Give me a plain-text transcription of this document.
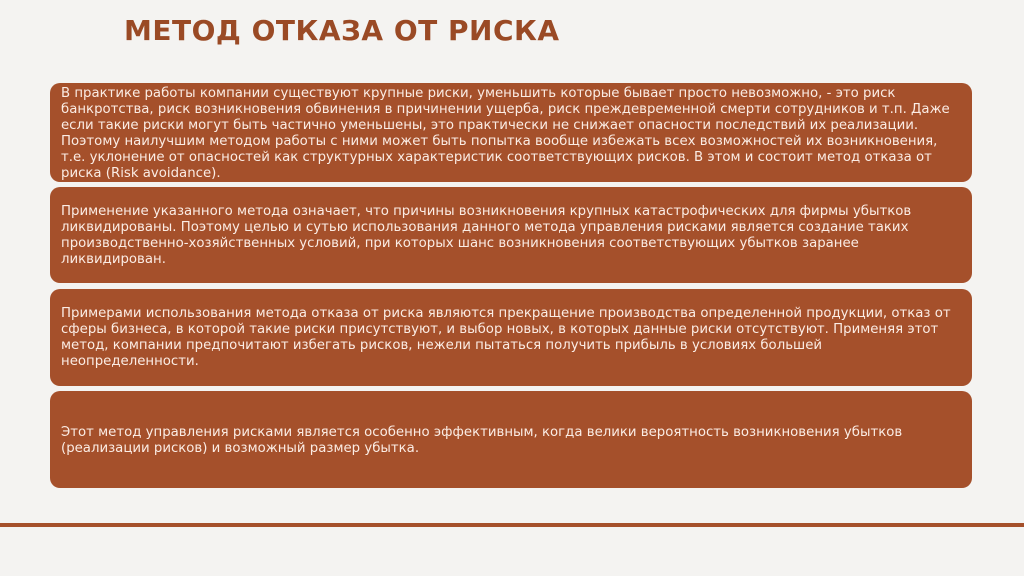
МЕТОД ОТКАЗА ОТ РИСКА
В практике работы компании существуют крупные риски, уменьшить которые бывает просто невозможно, - это риск банкротства, риск возникновения обвинения в причинении ущерба, риск преждевременной смерти сотрудников и т.п. Даже если такие риски могут быть частично уменьшены, это практически не снижает опасности последствий их реализации. Поэтому наилучшим методом работы с ними может быть попытка вообще избежать всех возможностей их возникновения, т.е. уклонение от опасностей как структурных характеристик соответствующих рисков. В этом и состоит метод отказа от риска (Risk avoidance).
Применение указанного метода означает, что причины возникновения крупных катастрофических для фирмы убытков ликвидированы. Поэтому целью и сутью использования данного метода управления рисками является создание таких производственно-хозяйственных условий, при которых шанс возникновения соответствующих убытков заранее ликвидирован.
Примерами использования метода отказа от риска являются прекращение производства определенной продукции, отказ от сферы бизнеса, в которой такие риски присутствуют, и выбор новых, в которых данные риски отсутствуют. Применяя этот метод, компании предпочитают избегать рисков, нежели пытаться получить прибыль в условиях большей неопределенности.
Этот метод управления рисками является особенно эффективным, когда велики вероятность возникновения убытков (реализации рисков) и возможный размер убытка.
